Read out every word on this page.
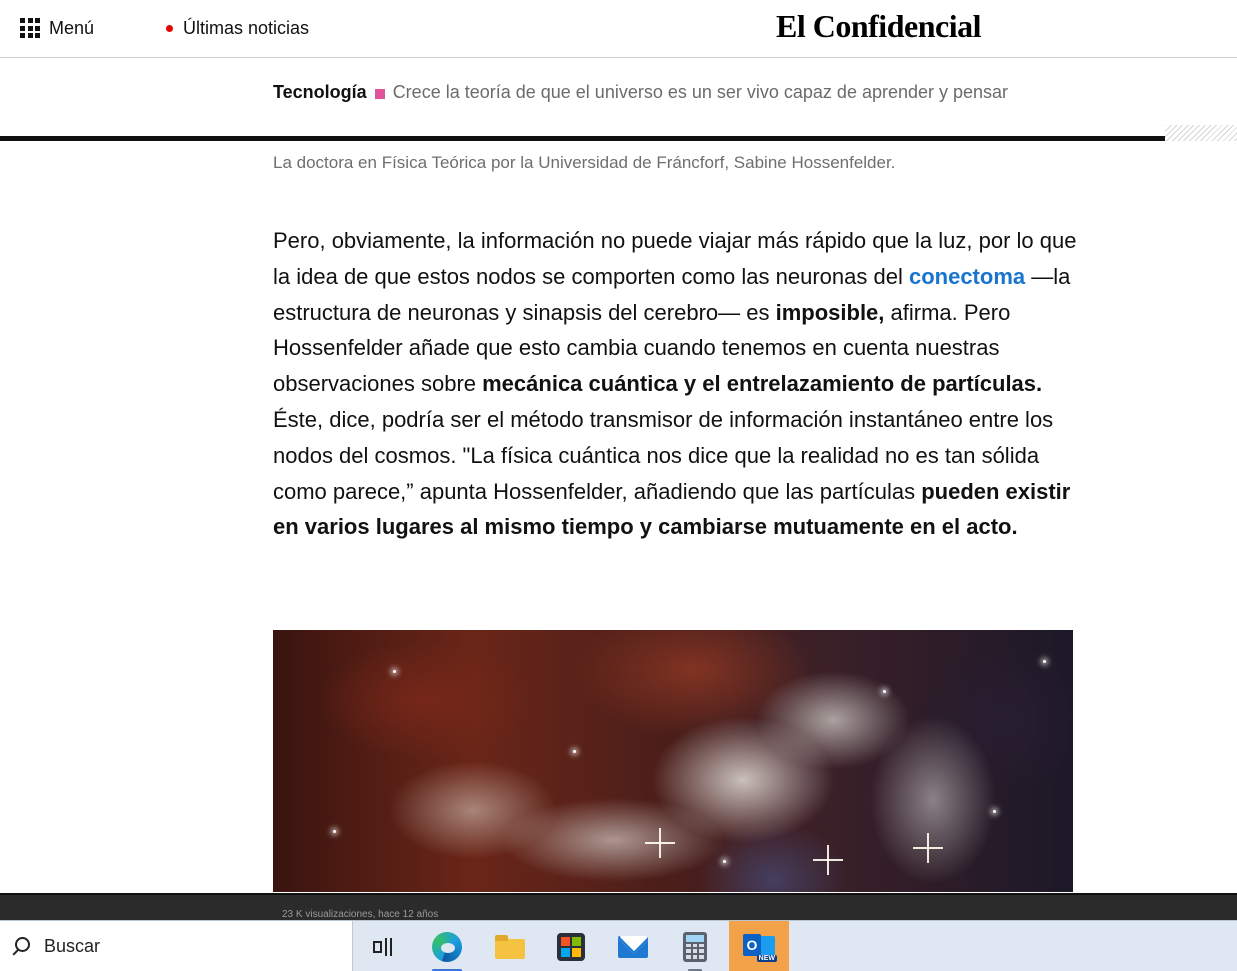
Menú	Últimas noticias	El Confidencial
Tecnología Crece la teoría de que el universo es un ser vivo capaz de aprender y pensar
La doctora en Física Teórica por la Universidad de Fráncforf, Sabine Hossenfelder.

Pero, obviamente, la información no puede viajar más rápido que la luz, por lo que la idea de que estos nodos se comporten como las neuronas del conectoma —la estructura de neuronas y sinapsis del cerebro— es imposible, afirma. Pero Hossenfelder añade que esto cambia cuando tenemos en cuenta nuestras observaciones sobre mecánica cuántica y el entrelazamiento de partículas. Éste, dice, podría ser el método transmisor de información instantáneo entre los nodos del cosmos. "La física cuántica nos dice que la realidad no es tan sólida como parece,” apunta Hossenfelder, añadiendo que las partículas pueden existir en varios lugares al mismo tiempo y cambiarse mutuamente en el acto.

23 K visualizaciones, hace 12 años
Buscar	O
NEW
